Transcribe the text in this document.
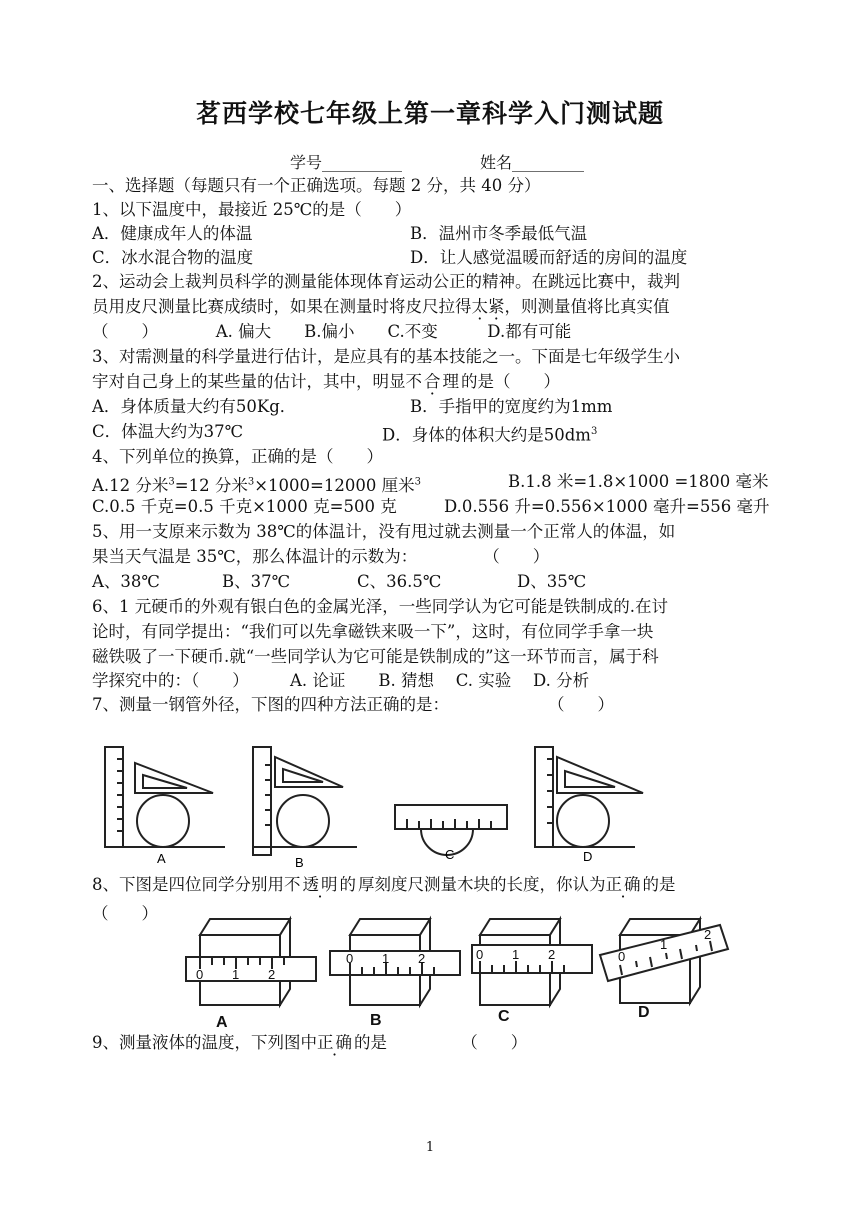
茗西学校七年级上第一章科学入门测试题
学号__________	姓名_________
一、选择题（每题只有一个正确选项。每题 2 分，共 40 分）
1、以下温度中，最接近 25℃的是（　　）
A．健康成年人的体温	B．温州市冬季最低气温
C．冰水混合物的温度	D．让人感觉温暖而舒适的房间的温度
2、运动会上裁判员科学的测量能体现体育运动公正的精神。在跳远比赛中，裁判
员用皮尺测量比赛成绩时，如果在测量时将皮尺拉得太紧，则测量值将比真实值
（　　）　　　　A. 偏大　　B.偏小　　C.不变　　　D.都有可能
3、对需测量的科学量进行估计，是应具有的基本技能之一。下面是七年级学生小
宇对自己身上的某些量的估计，其中，明显不合理的是（　　）
A．身体质量大约有50Kg．	B．手指甲的宽度约为1mm
C．体温大约为37℃	D．身体的体积大约是$50dm^3$
4、下列单位的换算，正确的是（　　）
A.12 分米$^3$=12 分米$^3$×1000=12000 厘米$^3$	B.1.8 米=1.8×1000 =1800 毫米
C.0.5 千克=0.5 千克×1000 克=500 克	D.0.556 升=0.556×1000 毫升=556 毫升
5、用一支原来示数为 38℃的体温计，没有甩过就去测量一个正常人的体温，如
果当天气温是 35℃，那么体温计的示数为：　　　　　（　　）
A、38℃	B、37℃	C、36.5℃	D、35℃
6、1 元硬币的外观有银白色的金属光泽，一些同学认为它可能是铁制成的.在讨
论时，有同学提出：“我们可以先拿磁铁来吸一下”，这时，有位同学手拿一块
磁铁吸了一下硬币.就“一些同学认为它可能是铁制成的”这一环节而言，属于科
学探究中的：（　　）　　　A. 论证　　B. 猜想　 C. 实验　 D. 分析
7、测量一钢管外径，下图的四种方法正确的是：　　　　　　　（　　）
A	B
C	D
8、下图是四位同学分别用不透明的厚刻度尺测量木块的长度，你认为正确的是
（　　）
0 1 2
0 1 2	0 1 2	0
1
2
A	B	C	D
9、测量液体的温度，下列图中正确的是　　　　　（　　）
1
